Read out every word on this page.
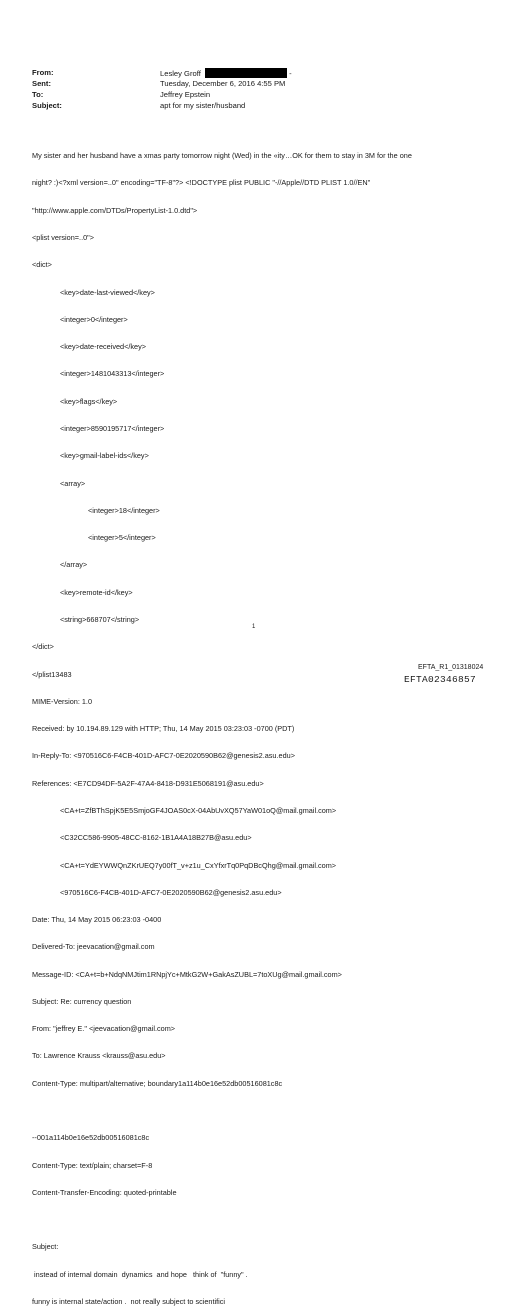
From:	Lesley Groff	-
Sent:	Tuesday, December 6, 2016 4:55 PM
To:	Jeffrey Epstein
Subject:	apt for my sister/husband

My sister and her husband have a xmas party tomorrow night (Wed) in the «ity…OK for them to stay in 3M for the one

night? :)<?xml version=..0" encoding="TF-8"?> <!DOCTYPE plist PUBLIC "-//Apple//DTD PLIST 1.0//EN"

"http://www.apple.com/DTDs/PropertyList-1.0.dtd">

<plist version=..0">

<dict>

<key>date-last-viewed</key>

<integer>0</integer>

<key>date-received</key>

<integer>1481043313</integer>

<key>flags</key>

<integer>8590195717</integer>

<key>gmail-label-ids</key>

<array>

<integer>18</integer>

<integer>5</integer>

</array>

<key>remote-id</key>

<string>668707</string>

</dict>

</plist13483

MIME-Version: 1.0

Received: by 10.194.89.129 with HTTP; Thu, 14 May 2015 03:23:03 -0700 (PDT)

In-Reply-To: <970516C6-F4CB-401D-AFC7-0E2020590B62@genesis2.asu.edu>

References: <E7CD94DF-5A2F-47A4-8418-D931E5068191@asu.edu>

<CA+t=ZfBThSpjK5E5SmjoGF4JOAS0cX-04AbUvXQ57YaW01oQ@mail.gmail.com>

<C32CC586-9905-48CC-8162-1B1A4A18B27B@asu.edu>

<CA+t=YdEYWWQnZKrUEQ7y00fT_v+z1u_CxYfxrTq0PqDBcQhg@mail.gmail.com>

<970516C6-F4CB-401D-AFC7-0E2020590B62@genesis2.asu.edu>

Date: Thu, 14 May 2015 06:23:03 -0400

Delivered-To: jeevacation@gmail.com

Message-ID: <CA+t=b+NdqNMJtim1RNpjYc+MtkG2W+GakAsZUBL=7toXUg@mail.gmail.com>

Subject: Re: currency question

From: "jeffrey E." <jeevacation@gmail.com>

To: Lawrence Krauss <krauss@asu.edu>

Content-Type: multipart/alternative; boundary1a114b0e16e52db00516081c8c

--001a114b0e16e52db00516081c8c

Content-Type: text/plain; charset=F-8

Content-Transfer-Encoding: quoted-printable

Subject:

instead of internal domain  dynamics  and hope   think of  "funny" .

funny is internal state/action .  not really subject to scientifici

1
EFTA_R1_01318024
EFTA02346857
